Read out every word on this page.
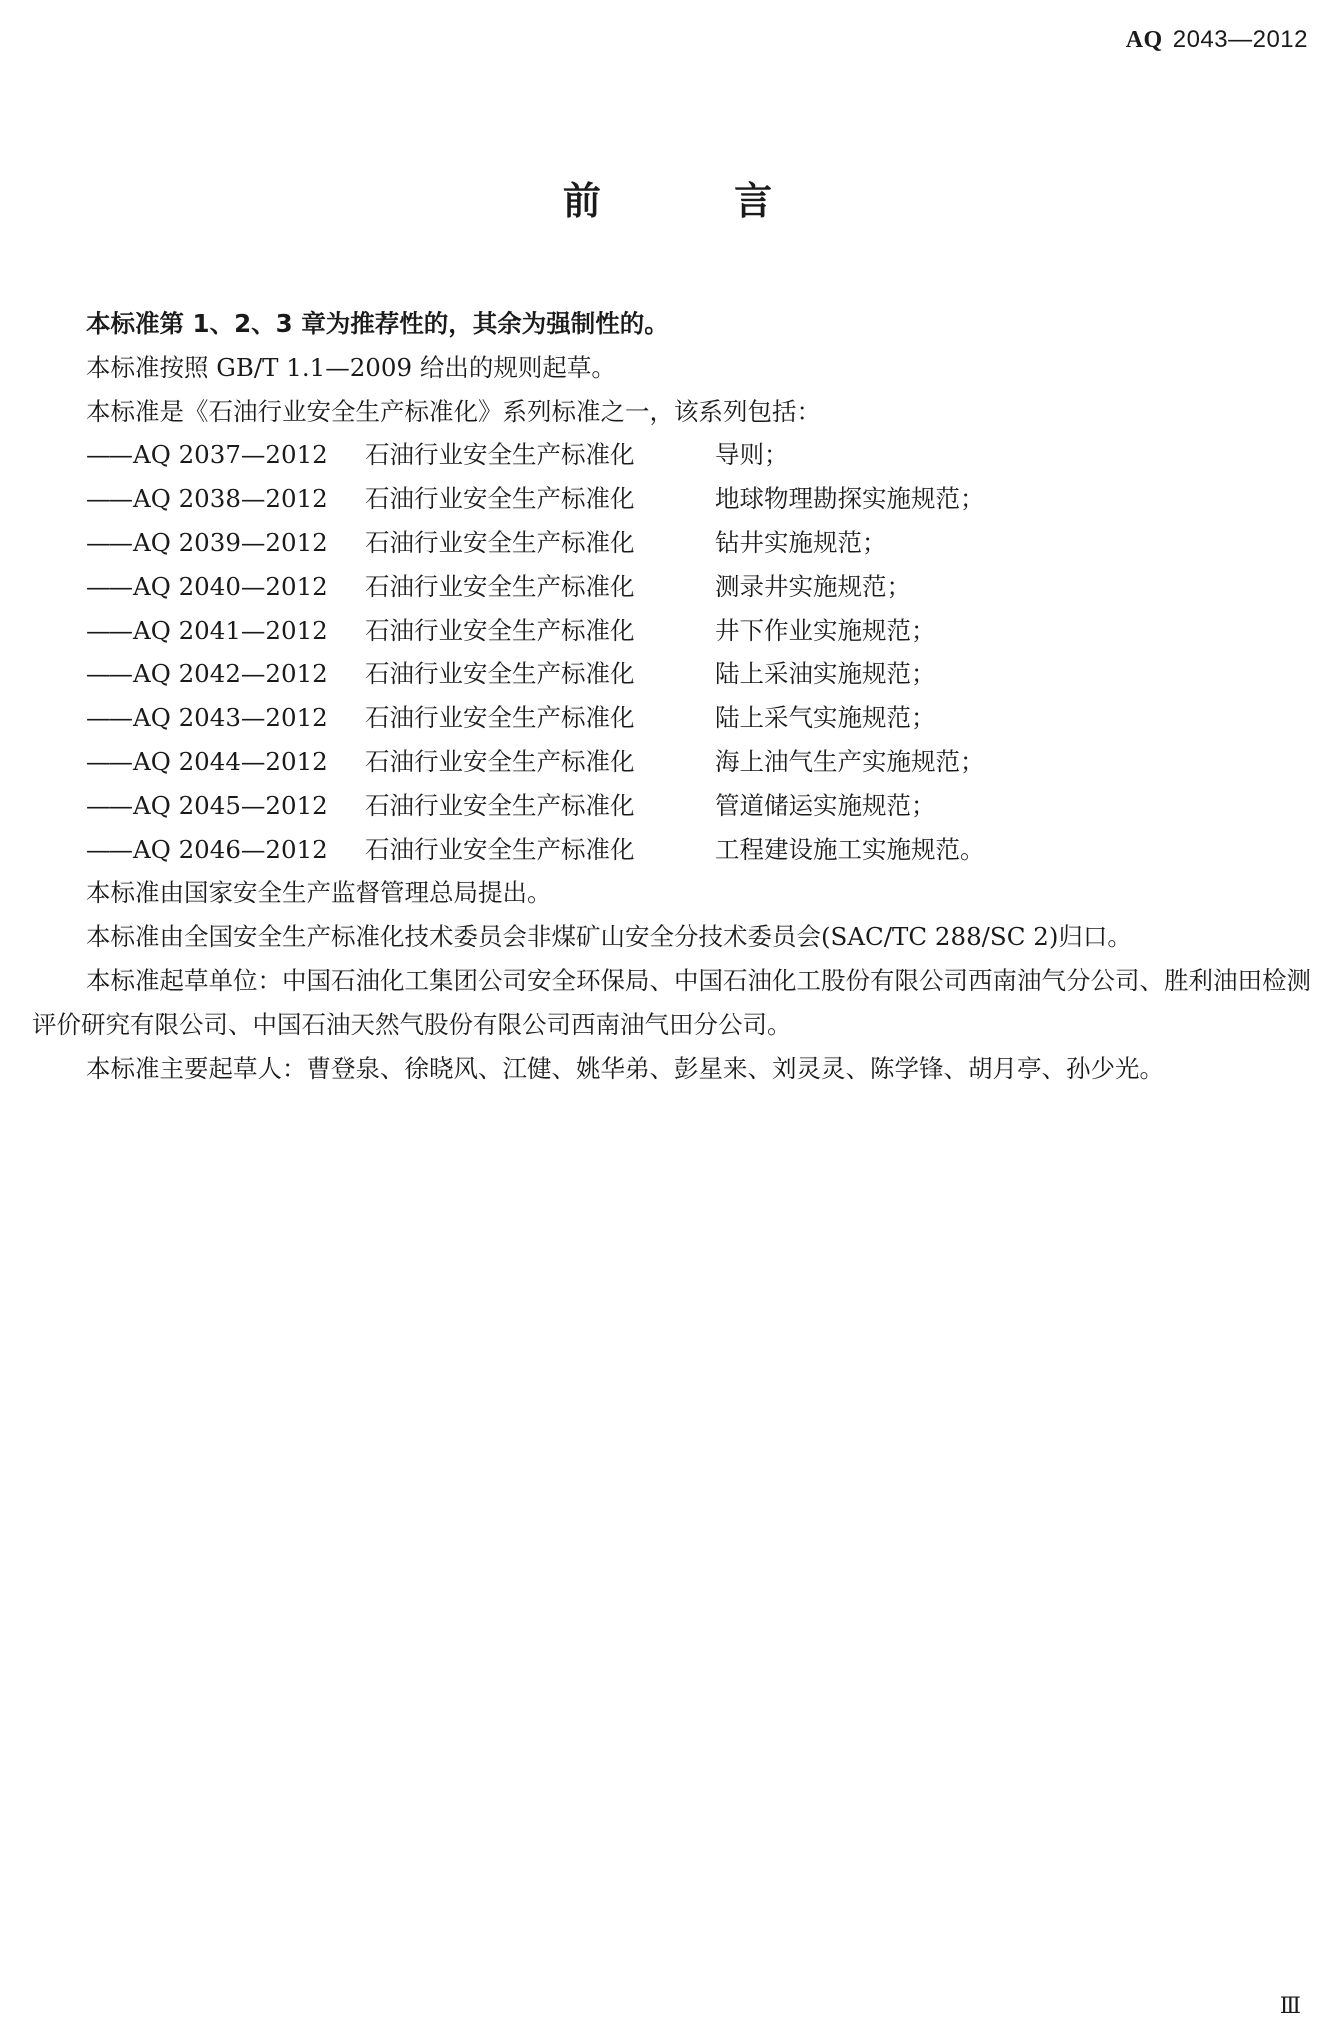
AQ 2043—2012
前 言

本标准第 1、2、3 章为推荐性的，其余为强制性的。

本标准按照 GB/T 1.1—2009 给出的规则起草。

本标准是《石油行业安全生产标准化》系列标准之一，该系列包括：

——AQ 2037—2012 石油行业安全生产标准化	导则；
——AQ 2038—2012 石油行业安全生产标准化	地球物理勘探实施规范；
——AQ 2039—2012 石油行业安全生产标准化	钻井实施规范；
——AQ 2040—2012 石油行业安全生产标准化	测录井实施规范；
——AQ 2041—2012 石油行业安全生产标准化	井下作业实施规范；
——AQ 2042—2012 石油行业安全生产标准化	陆上采油实施规范；
——AQ 2043—2012 石油行业安全生产标准化	陆上采气实施规范；
——AQ 2044—2012 石油行业安全生产标准化	海上油气生产实施规范；
——AQ 2045—2012 石油行业安全生产标准化	管道储运实施规范；
——AQ 2046—2012 石油行业安全生产标准化	工程建设施工实施规范。

本标准由国家安全生产监督管理总局提出。

本标准由全国安全生产标准化技术委员会非煤矿山安全分技术委员会(SAC/TC 288/SC 2)归口。

本标准起草单位：中国石油化工集团公司安全环保局、中国石油化工股份有限公司西南油气分公司、胜利油田检测评价研究有限公司、中国石油天然气股份有限公司西南油气田分公司。

本标准主要起草人：曹登泉、徐晓风、江健、姚华弟、彭星来、刘灵灵、陈学锋、胡月亭、孙少光。

Ⅲ
